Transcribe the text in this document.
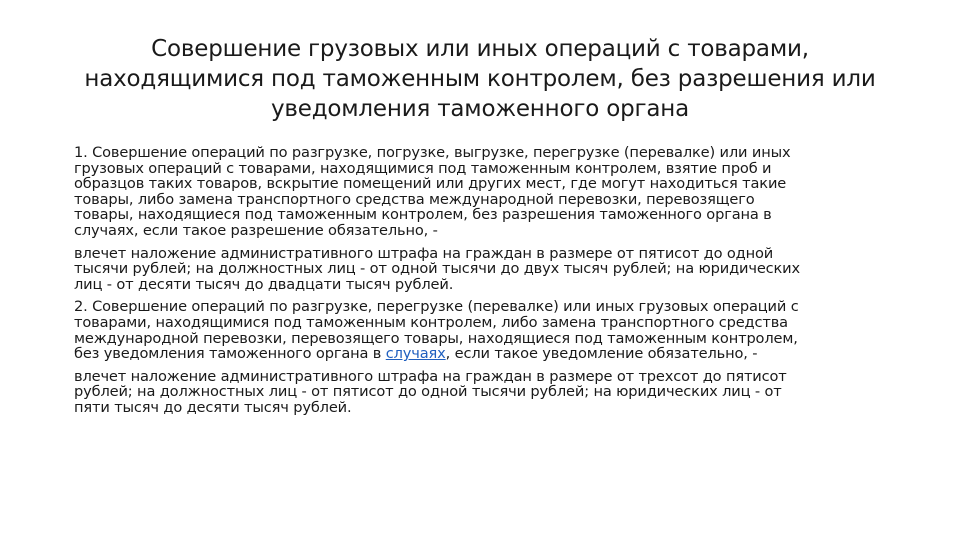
Совершение грузовых или иных операций с товарами,
находящимися под таможенным контролем, без разрешения или
уведомления таможенного органа

1. Совершение операций по разгрузке, погрузке, выгрузке, перегрузке (перевалке) или иных
грузовых операций с товарами, находящимися под таможенным контролем, взятие проб и
образцов таких товаров, вскрытие помещений или других мест, где могут находиться такие
товары, либо замена транспортного средства международной перевозки, перевозящего
товары, находящиеся под таможенным контролем, без разрешения таможенного органа в
случаях, если такое разрешение обязательно, -

влечет наложение административного штрафа на граждан в размере от пятисот до одной
тысячи рублей; на должностных лиц - от одной тысячи до двух тысяч рублей; на юридических
лиц - от десяти тысяч до двадцати тысяч рублей.

2. Совершение операций по разгрузке, перегрузке (перевалке) или иных грузовых операций с
товарами, находящимися под таможенным контролем, либо замена транспортного средства
международной перевозки, перевозящего товары, находящиеся под таможенным контролем,
без уведомления таможенного органа в случаях, если такое уведомление обязательно, -

влечет наложение административного штрафа на граждан в размере от трехсот до пятисот
рублей; на должностных лиц - от пятисот до одной тысячи рублей; на юридических лиц - от
пяти тысяч до десяти тысяч рублей.
